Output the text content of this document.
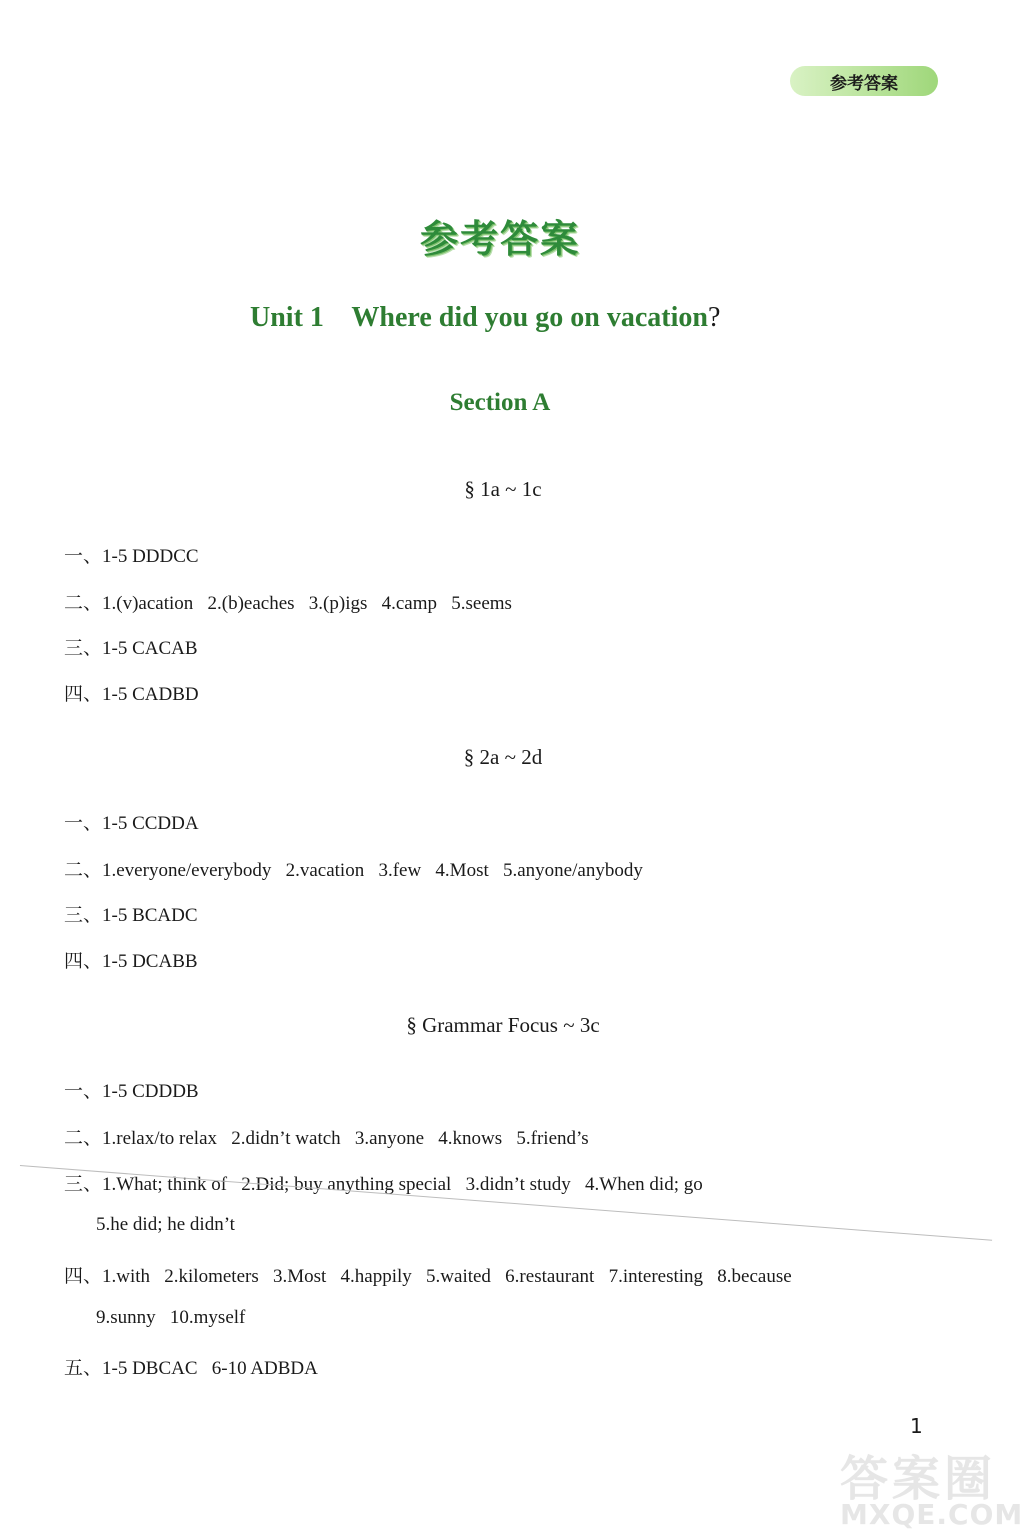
参考答案
参考答案
Unit 1 Where did you go on vacation?
Section A
§ 1a ~ 1c
一、1-5 DDDCC
二、1.(v)acation   2.(b)eaches   3.(p)igs   4.camp   5.seems
三、1-5 CACAB
四、1-5 CADBD
§ 2a ~ 2d
一、1-5 CCDDA
二、1.everyone/everybody   2.vacation   3.few   4.Most   5.anyone/anybody
三、1-5 BCADC
四、1-5 DCABB
§ Grammar Focus ~ 3c
一、1-5 CDDDB
二、1.relax/to relax   2.didn’t watch   3.anyone   4.knows   5.friend’s
三、1.What; think of   2.Did; buy anything special   3.didn’t study   4.When did; go
5.he did; he didn’t
四、1.with   2.kilometers   3.Most   4.happily   5.waited   6.restaurant   7.interesting   8.because
9.sunny   10.myself
五、1-5 DBCAC   6-10 ADBDA
1
答案圈
MXQE.COM
